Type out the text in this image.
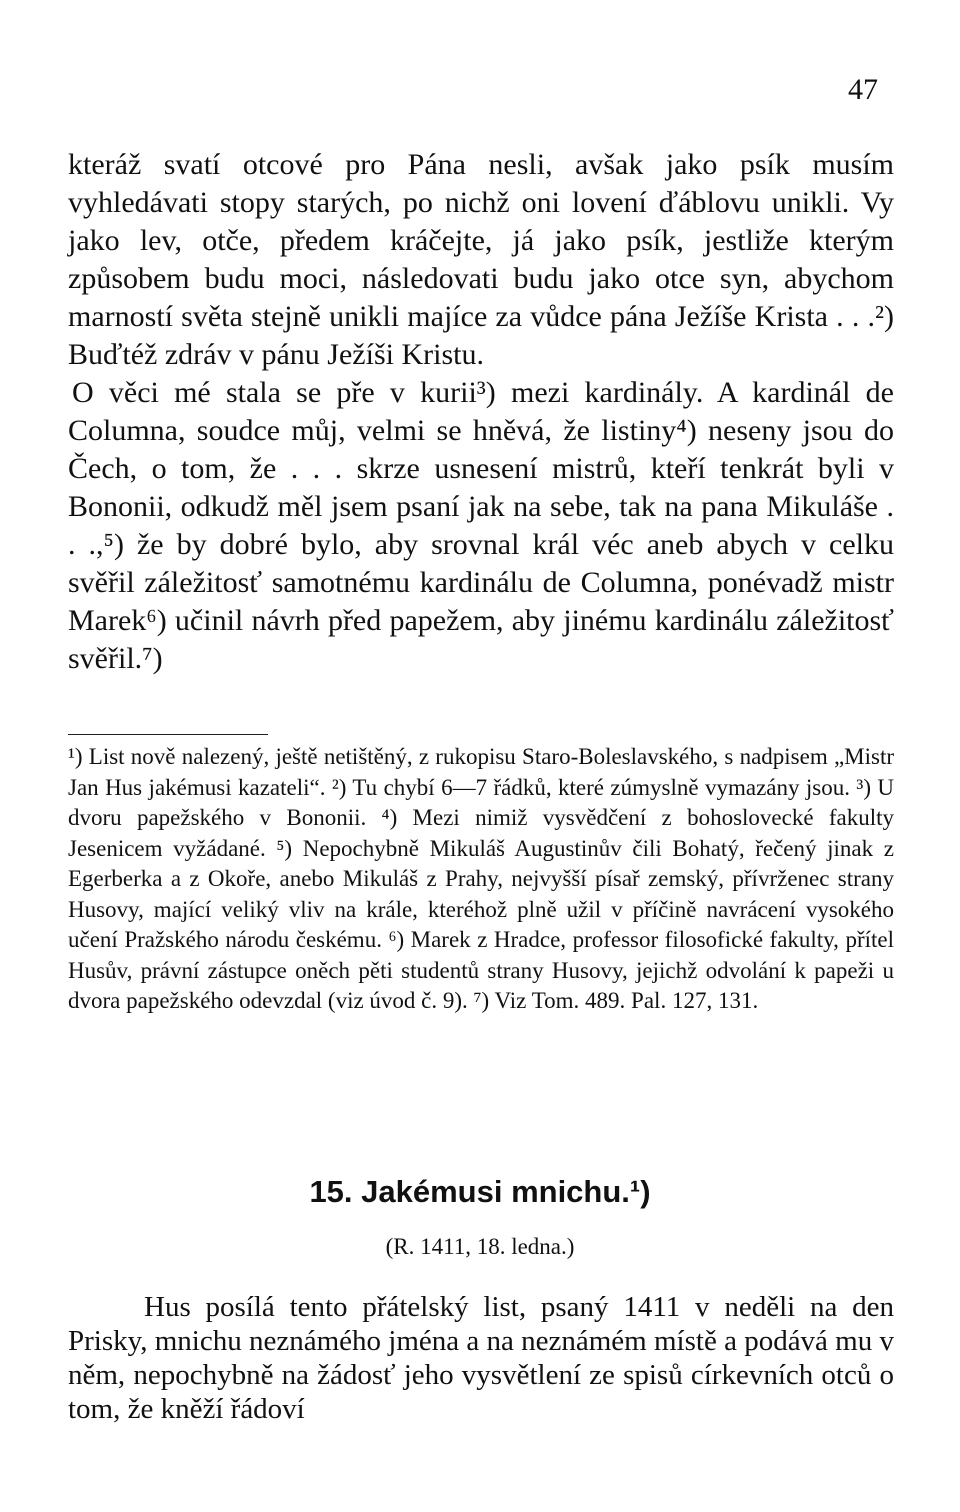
47

kteráž svatí otcové pro Pána nesli, avšak jako psík musím vyhledávati stopy starých, po nichž oni lovení ďáblovu unikli. Vy jako lev, otče, předem kráčejte, já jako psík, jestliže kterým způsobem budu moci, následovati budu jako otce syn, abychom marností světa stejně unikli majíce za vůdce pána Ježíše Krista . . .²) Buďtéž zdráv v pánu Ježíši Kristu.

O věci mé stala se pře v kurii³) mezi kardinály. A kardinál de Columna, soudce můj, velmi se hněvá, že listiny⁴) neseny jsou do Čech, o tom, že . . . skrze usnesení mistrů, kteří tenkrát byli v Bononii, odkudž měl jsem psaní jak na sebe, tak na pana Mikuláše . . .,⁵) že by dobré bylo, aby srovnal král véc aneb abych v celku svěřil záležitosť samotnému kardinálu de Columna, ponévadž mistr Marek⁶) učinil návrh před papežem, aby jinému kardinálu záležitosť svěřil.⁷)

¹) List nově nalezený, ještě netištěný, z rukopisu Staro-Boleslavského, s nadpisem „Mistr Jan Hus jakémusi kazateli“. ²) Tu chybí 6—7 řádků, které zúmyslně vymazány jsou. ³) U dvoru papežského v Bononii. ⁴) Mezi nimiž vysvědčení z bohoslovecké fakulty Jesenicem vyžádané. ⁵) Nepochybně Mikuláš Augustinův čili Bohatý, řečený jinak z Egerberka a z Okoře, anebo Mikuláš z Prahy, nejvyšší písař zemský, přívrženec strany Husovy, mající veliký vliv na krále, kteréhož plně užil v příčině navrácení vysokého učení Pražského národu českému. ⁶) Marek z Hradce, professor filosofické fakulty, přítel Husův, právní zástupce oněch pěti studentů strany Husovy, jejichž odvolání k papeži u dvora papežského odevzdal (viz úvod č. 9). ⁷) Viz Tom. 489. Pal. 127, 131.

15. Jakémusi mnichu.¹)
(R. 1411, 18. ledna.)

Hus posílá tento přátelský list, psaný 1411 v neděli na den Prisky, mnichu neznámého jména a na neznámém místě a podává mu v něm, nepochybně na žádosť jeho vysvětlení ze spisů církevních otců o tom, že kněží řádoví
